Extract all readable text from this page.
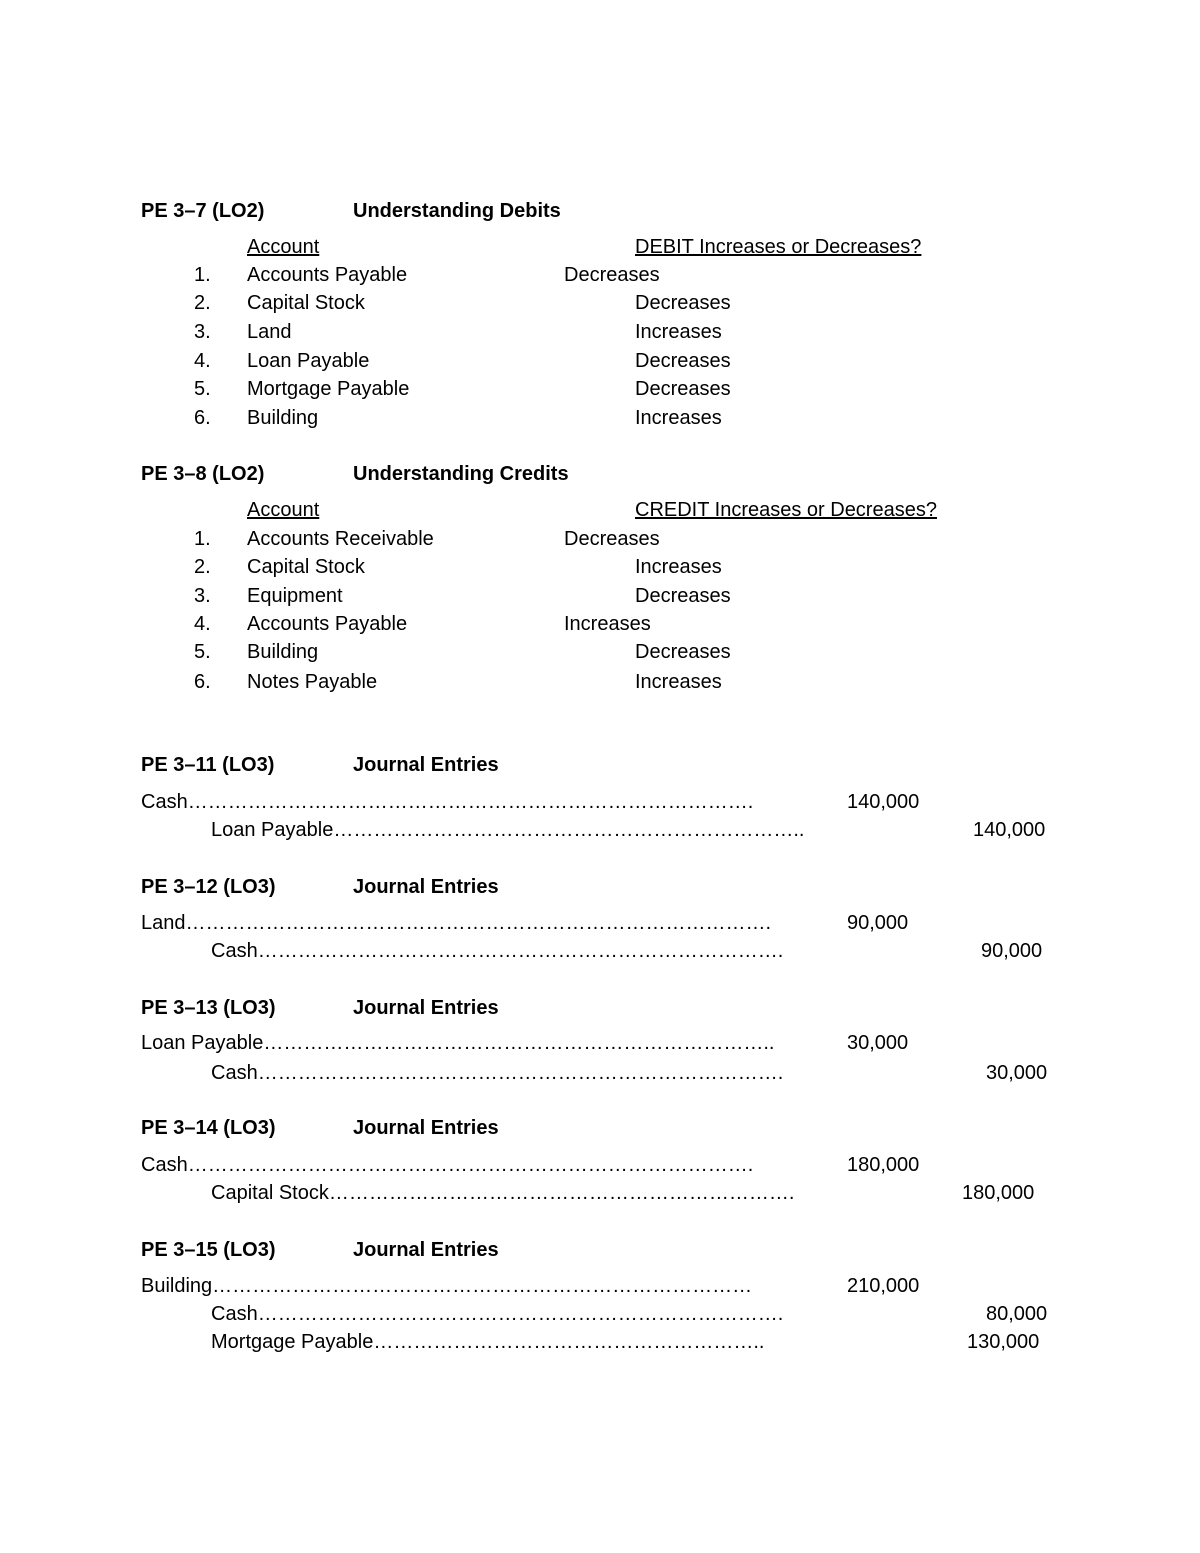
PE 3–7 (LO2)	Understanding Debits
Account	DEBIT Increases or Decreases?
1. Accounts Payable	Decreases
2. Capital Stock	Decreases
3. Land	Increases
4. Loan Payable	Decreases
5. Mortgage Payable	Decreases
6. Building	Increases
PE 3–8 (LO2)	Understanding Credits
Account	CREDIT Increases or Decreases?
1. Accounts Receivable	Decreases
2. Capital Stock	Increases
3. Equipment	Decreases
4. Accounts Payable	Increases
5. Building	Decreases
6. Notes Payable	Increases
PE 3–11 (LO3)	Journal Entries
Cash………………………………………………………………………….	140,000
Loan Payable……………………………………………………………..	140,000
PE 3–12 (LO3)	Journal Entries
Land…………………………………………………………………………….	90,000
Cash…………………………………………………………………….	90,000
PE 3–13 (LO3)	Journal Entries
Loan Payable…………………………………………………………………..	30,000
Cash…………………………………………………………………….	30,000
PE 3–14 (LO3)	Journal Entries
Cash………………………………………………………………………….	180,000
Capital Stock…………………………………………………………….	180,000
PE 3–15 (LO3)	Journal Entries
Building………………………………………………………………………	210,000
Cash…………………………………………………………………….	80,000
Mortgage Payable…………………………………………………..	130,000
